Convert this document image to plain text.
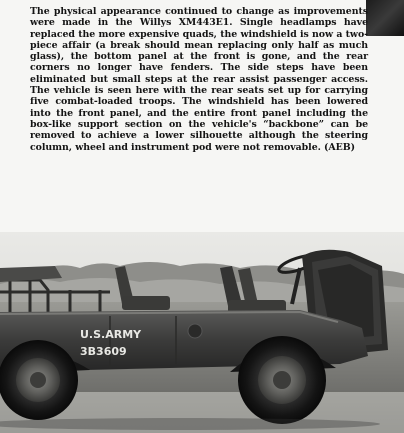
The physical appearance continued to change as improvements were made in the Willys XM443E1. Single headlamps have replaced the more expensive quads, the windshield is now a two-piece affair (a break should mean replacing only half as much glass), the bottom panel at the front is gone, and the rear corners no longer have fenders. The side steps have been eliminated but small steps at the rear assist passenger access. The vehicle is seen here with the rear seats set up for carrying five combat-loaded troops. The windshield has been lowered into the front panel, and the entire front panel including the box-like support section on the vehicle's “backbone” can be removed to achieve a lower silhouette although the steering column, wheel and instrument pod were not removable. (AEB)

U.S.ARMY
3B3609
